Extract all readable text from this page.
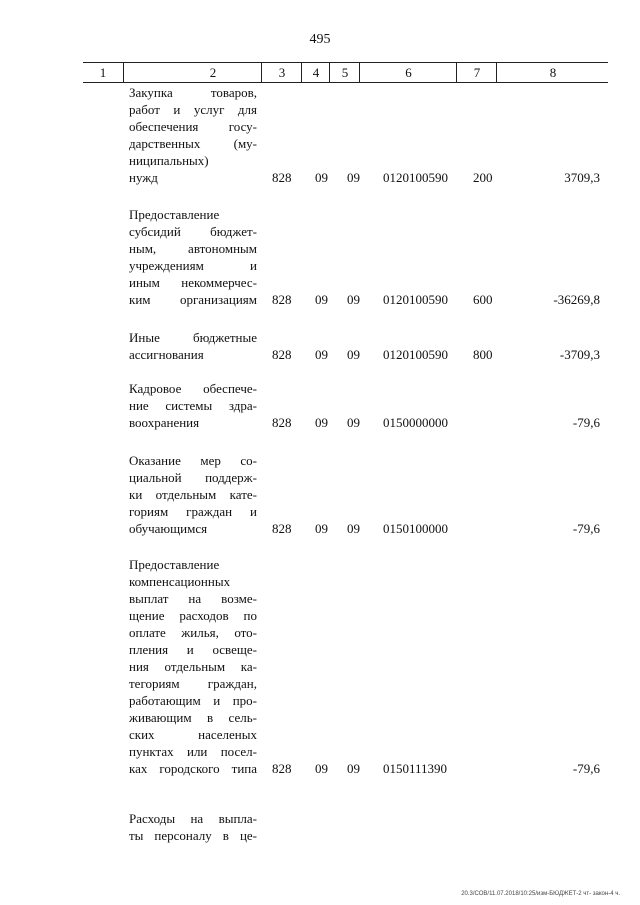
495
1	2	3	4	5	6	7	8
Закупка товаров,
работ и услуг для
обеспечения госу-
дарственных (му-
ниципальных)
нужд	828 09 09 0120100590 200	3709,3
Предоставление
субсидий бюджет-
ным, автономным
учреждениям и
иным некоммерчес-
ким организациям 828 09 09 0120100590 600	-36269,8
Иные бюджетные
ассигнования	828 09 09 0120100590 800	-3709,3
Кадровое обеспече-
ние системы здра-
воохранения	828 09 09 0150000000	-79,6
Оказание мер со-
циальной поддерж-
ки отдельным кате-
гориям граждан и
обучающимся	828 09 09 0150100000	-79,6
Предоставление
компенсационных
выплат на возме-
щение расходов по
оплате жилья, ото-
пления и освеще-
ния отдельным ка-
тегориям граждан,
работающим и про-
живающим в сель-
ских населеных
пунктах или посел-
ках городского типа 828 09 09 0150111390	-79,6
Расходы на выпла-
ты персоналу в це-
20.3/СОВ/11.07.2018/10:25/изм-БЮДЖЕТ-2 чт- закон-4 ч.
